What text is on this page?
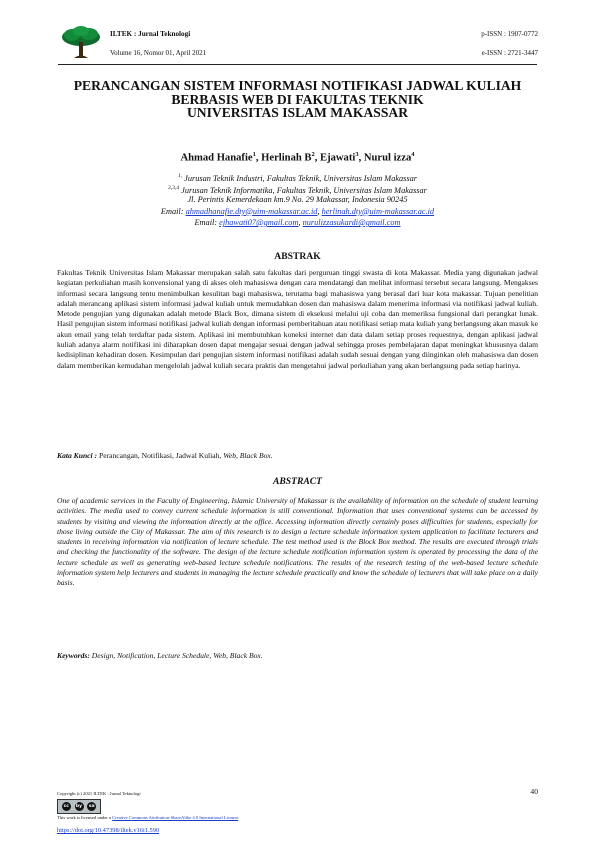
ILTEK : Jurnal Teknologi
Volume 16, Nomor 01, April 2021
p-ISSN : 1907-0772
e-ISSN : 2721-3447
PERANCANGAN SISTEM INFORMASI NOTIFIKASI JADWAL KULIAH
BERBASIS WEB DI FAKULTAS TEKNIK
UNIVERSITAS ISLAM MAKASSAR
Ahmad Hanafie$^1$, Herlinah $B^2$, Ejawati$^3$, Nurul izza$^4$
$^{1,}$ Jurusan Teknik Industri, Fakultas Teknik, Universitas Islam Makassar
$^{2,3,4}$ Jurusan Teknik Informatika, Fakultas Teknik, Universitas Islam Makassar
Jl. Perintis Kemerdekaan km.9 No. 29 Makassar, Indonesia 90245
Email: ahmadhanafie.dty@uim-makassar.ac.id, herlinah.dty@uim-makassar.ac.id
Email: ejhawati07@gmail.com, nurulizzasukardi@gmail.com
ABSTRAK
Fakultas Teknik Universitas Islam Makassar merupakan salah satu fakultas dari perguruan tinggi swasta di kota Makassar. Media yang digunakan jadwal kegiatan perkuliahan masih konvensional yang di akses oleh mahasiswa dengan cara mendatangi dan melihat informasi tersebut secara langsung. Mengakses informasi secara langsung tentu menimbulkan kesulitan bagi mahasiswa, terutama bagi mahasiswa yang berasal dari luar kota makassar. Tujuan penelitian adalah merancang aplikasi sistem informasi jadwal kuliah untuk memudahkan dosen dan mahasiswa dalam menerima informasi via notifikasi jadwal kuliah. Metode pengujian yang digunakan adalah metode Black Box, dimana sistem di eksekusi melalui uji coba dan memeriksa fungsional dari perangkat lunak. Hasil pengujian sistem informasi notifikasi jadwal kuliah dengan informasi pemberitahuan atau notifikasi setiap mata kuliah yang berlangsung akan masuk ke akun email yang telah terdaftar pada sistem. Aplikasi ini membutuhkan koneksi internet dan data dalam setiap proses requestnya, dengan aplikasi jadwal kuliah adanya alarm notifikasi ini diharapkan dosen dapat mengajar sesuai dengan jadwal sehingga proses pembelajaran dapat meningkat khususnya dalam kedisiplinan kehadiran dosen. Kesimpulan dari pengujian sistem informasi notifikasi adalah sudah sesuai dengan yang diinginkan oleh mahasiswa dan dosen dalam memberikan kemudahan mengelolah jadwal kuliah secara praktis dan mengetahui jadwal perkuliahan yang akan berlangsung pada setiap harinya.
Kata Kunci : Perancangan, Notifikasi, Jadwal Kuliah, Web, Black Box.
ABSTRACT
One of academic services in the Faculty of Engineering, Islamic University of Makassar is the availability of information on the schedule of student learning activities. The media used to convey current schedule information is still conventional. Information that uses conventional systems can be accessed by students by visiting and viewing the information directly at the office. Accessing information directly certainly poses difficulties for students, especially for those living outside the City of Makassar. The aim of this research is to design a lecture schedule information system application to facilitate lecturers and students in receiving information via notification of lecture schedule. The test method used is the Block Box method. The results are executed through trials and checking the functionality of the software. The design of the lecture schedule notification information system is operated by processing the data of the lecture schedule as well as generating web-based lecture schedule notifications. The results of the research testing of the web-based lecture schedule information system help lecturers and students in managing the lecture schedule practically and know the schedule of lecturers that will take place on a daily basis.
Keywords: Design, Notification, Lecture Schedule, Web, Black Box.
Copyright (c) 2021 ILTEK : Jurnal Teknologi	40
cc	by	sa
This work is licensed under a Creative Commons Attribution-ShareAlike 4.0 International License.
https://doi.org/10.47398/iltek.v16i1.590
